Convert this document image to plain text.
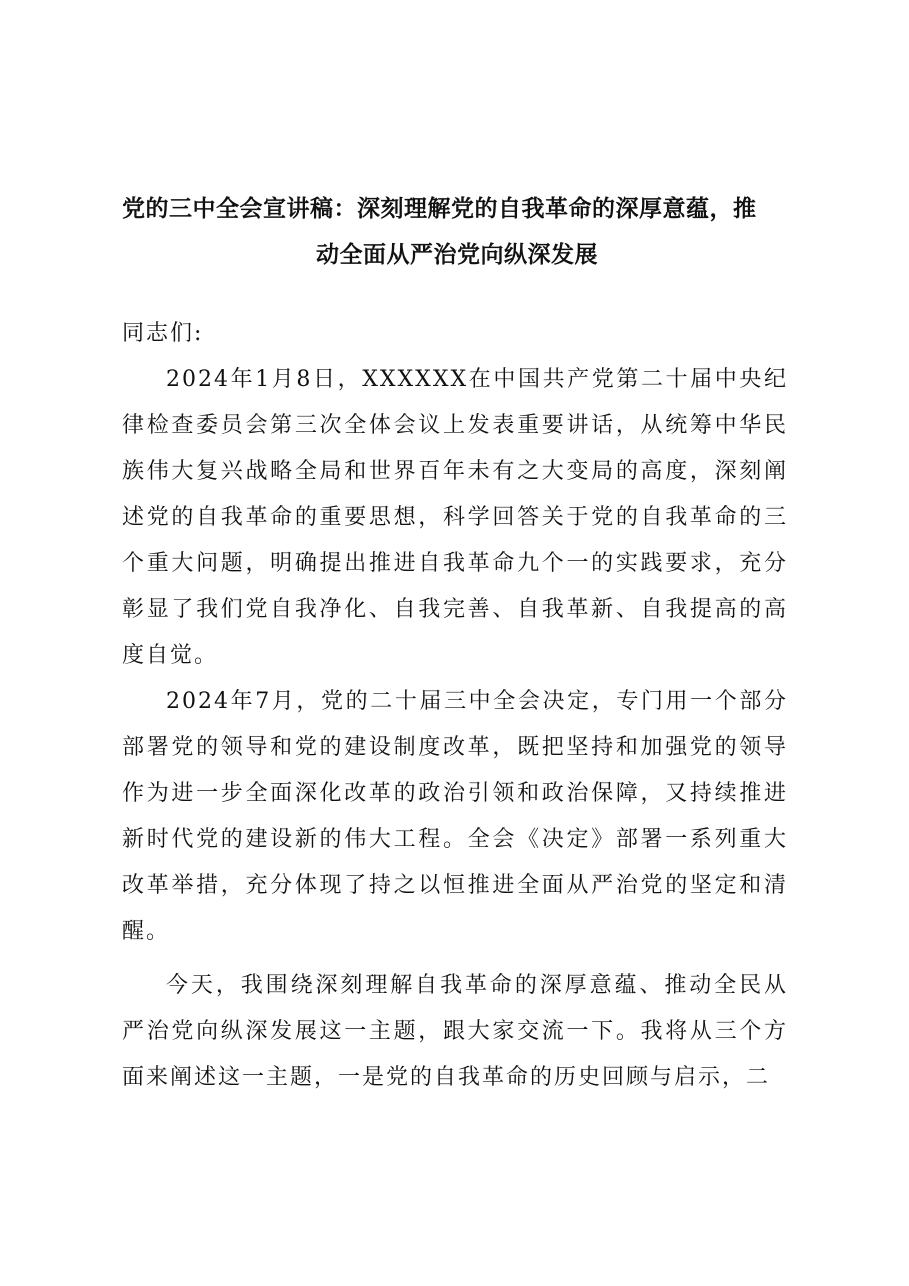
党的三中全会宣讲稿：深刻理解党的自我革命的深厚意蕴，推
动全面从严治党向纵深发展

同志们:

2024年1月8日，XXXXXX在中国共产党第二十届中央纪律检查委员会第三次全体会议上发表重要讲话，从统筹中华民族伟大复兴战略全局和世界百年未有之大变局的高度，深刻阐述党的自我革命的重要思想，科学回答关于党的自我革命的三个重大问题，明确提出推进自我革命九个一的实践要求，充分彰显了我们党自我净化、自我完善、自我革新、自我提高的高度自觉。

2024年7月，党的二十届三中全会决定，专门用一个部分部署党的领导和党的建设制度改革，既把坚持和加强党的领导作为进一步全面深化改革的政治引领和政治保障，又持续推进新时代党的建设新的伟大工程。全会《决定》部署一系列重大改革举措，充分体现了持之以恒推进全面从严治党的坚定和清醒。

今天，我围绕深刻理解自我革命的深厚意蕴、推动全民从严治党向纵深发展这一主题，跟大家交流一下。我将从三个方面来阐述这一主题，一是党的自我革命的历史回顾与启示，二
